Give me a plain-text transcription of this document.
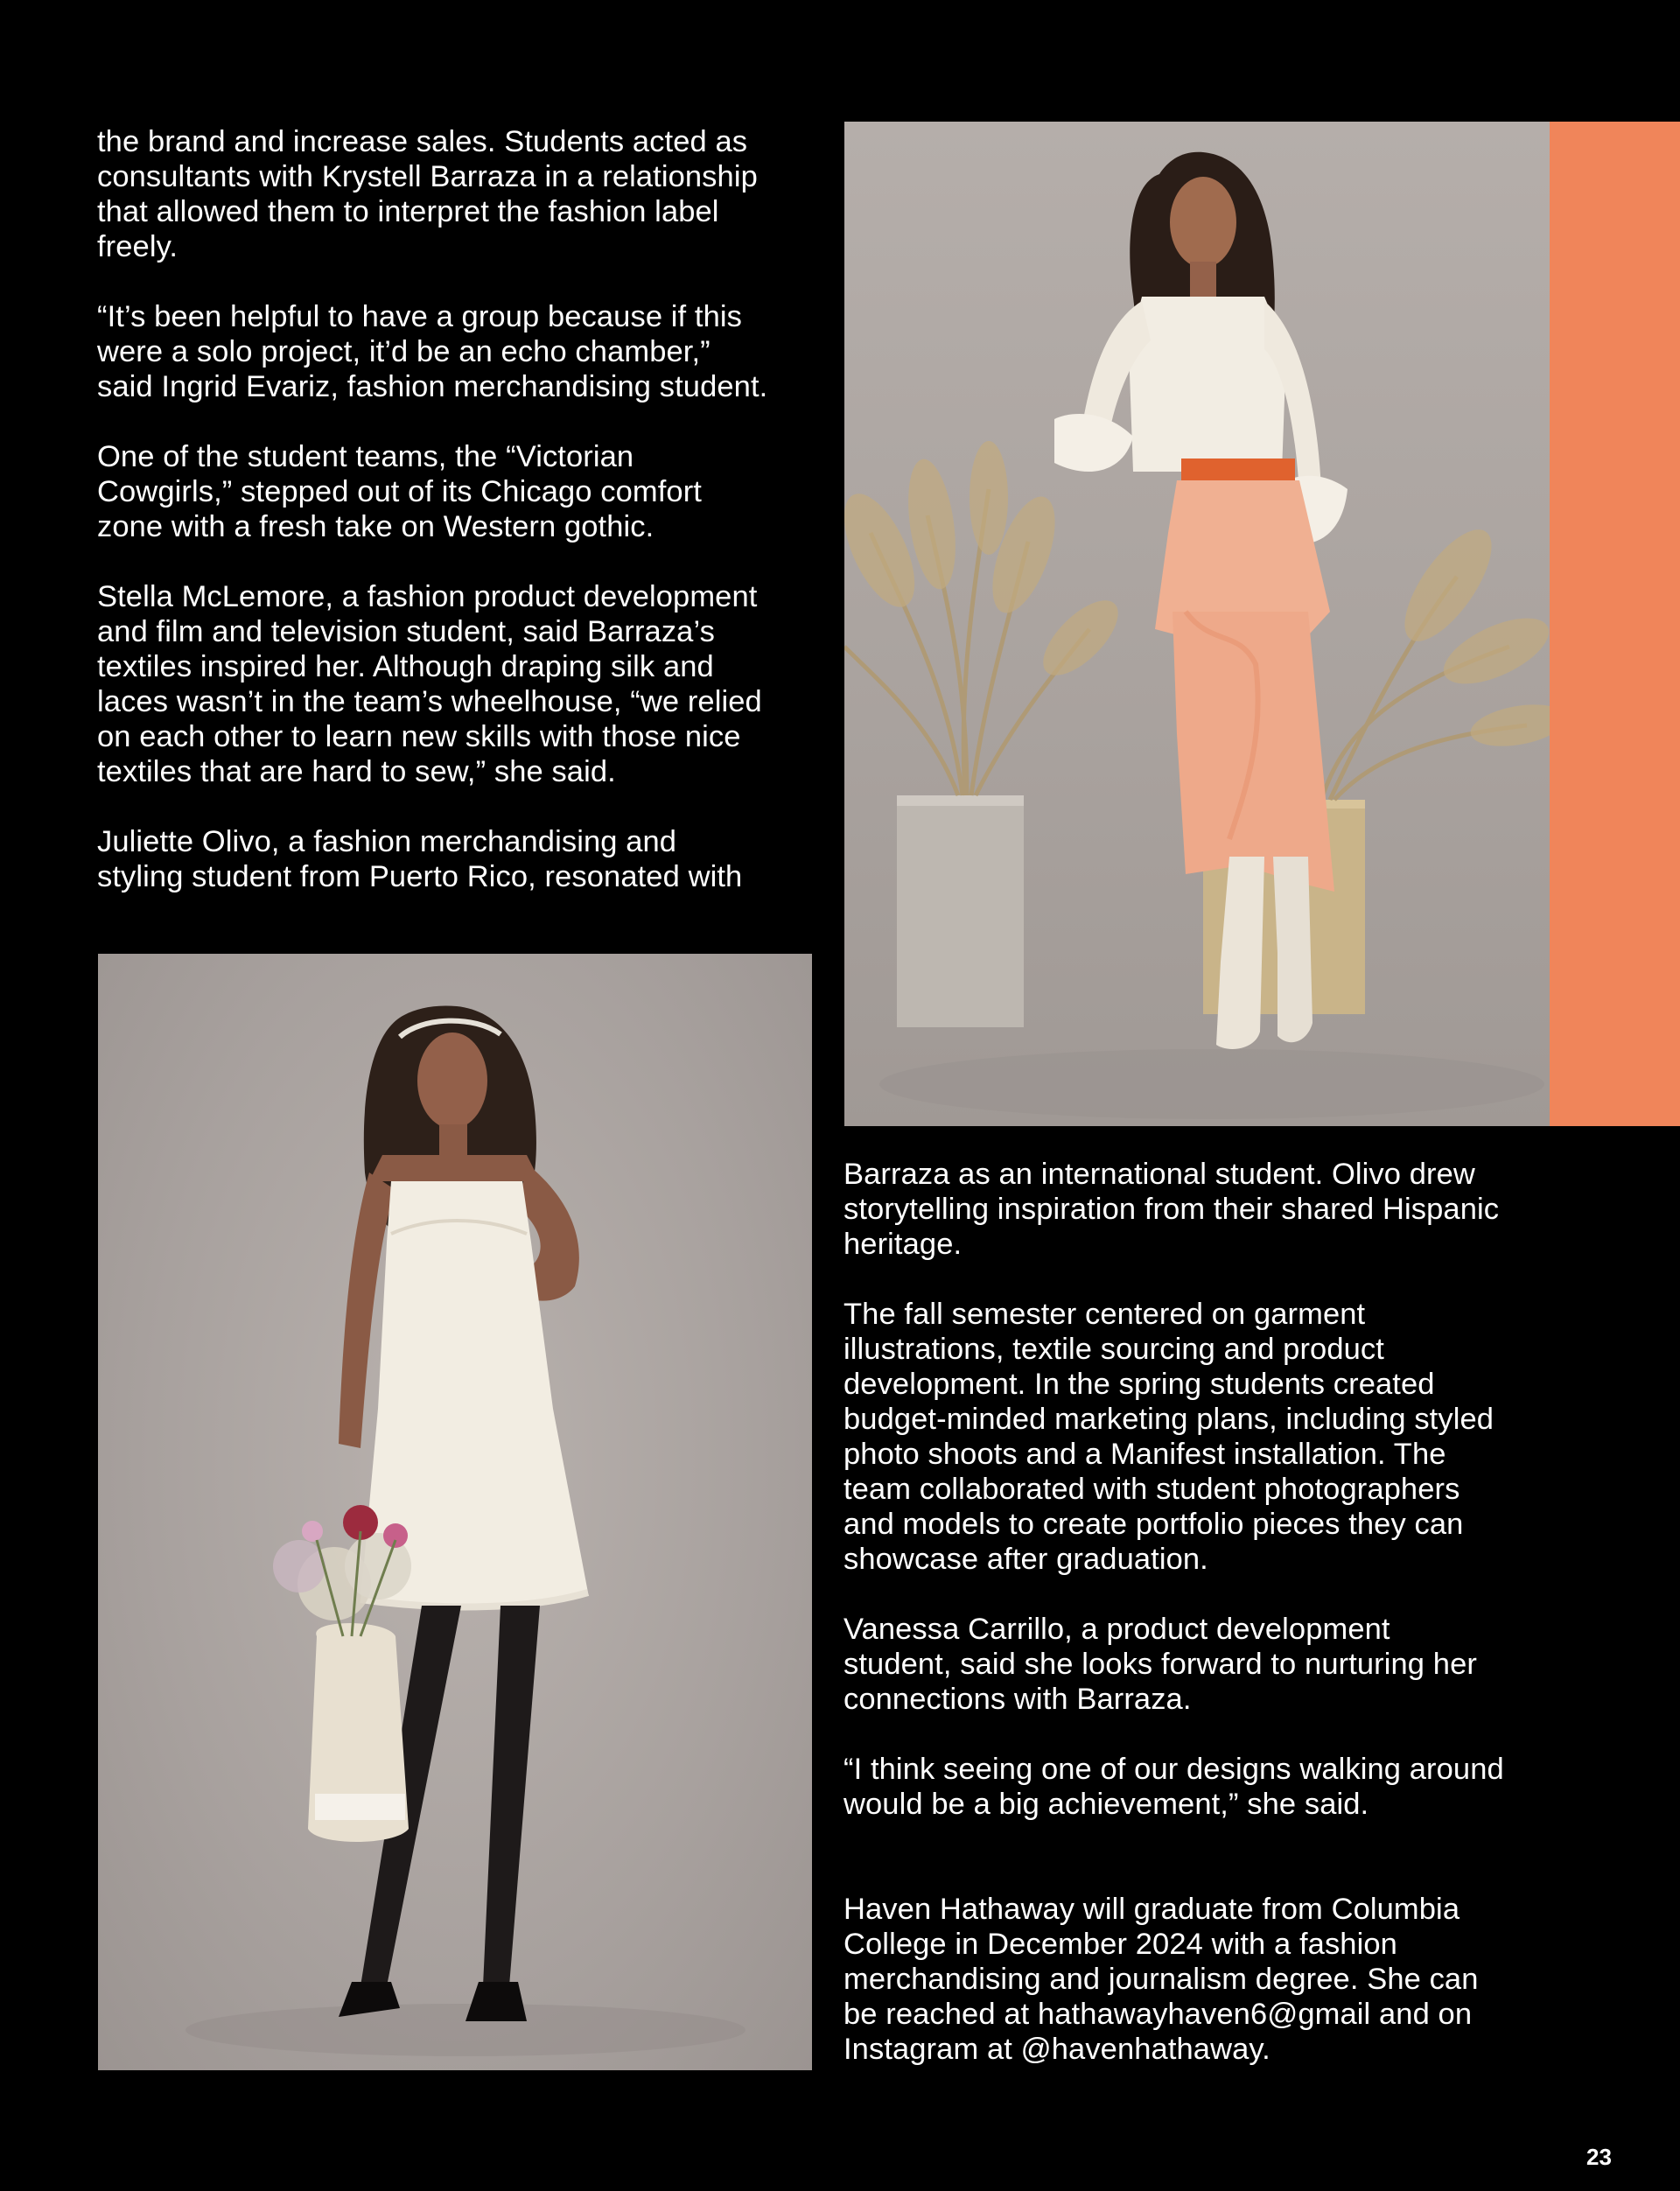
the brand and increase sales. Students acted as
consultants with Krystell Barraza in a relationship
that allowed them to interpret the fashion label
freely.

“It’s been helpful to have a group because if this
were a solo project, it’d be an echo chamber,”
said Ingrid Evariz, fashion merchandising student.

One of the student teams, the “Victorian
Cowgirls,” stepped out of its Chicago comfort
zone with a fresh take on Western gothic.

Stella McLemore, a fashion product development
and film and television student, said Barraza’s
textiles inspired her. Although draping silk and
laces wasn’t in the team’s wheelhouse, “we relied
on each other to learn new skills with those nice
textiles that are hard to sew,” she said.

Juliette Olivo, a fashion merchandising and
styling student from Puerto Rico, resonated with

Barraza as an international student. Olivo drew
storytelling inspiration from their shared Hispanic
heritage.

The fall semester centered on garment
illustrations, textile sourcing and product
development. In the spring students created
budget-minded marketing plans, including styled
photo shoots and a Manifest installation. The
team collaborated with student photographers
and models to create portfolio pieces they can
showcase after graduation.

Vanessa Carrillo, a product development
student, said she looks forward to nurturing her
connections with Barraza.

“I think seeing one of our designs walking around
would be a big achievement,” she said.

Haven Hathaway will graduate from Columbia
College in December 2024 with a fashion
merchandising and journalism degree. She can
be reached at hathawayhaven6@gmail and on
Instagram at @havenhathaway.

23
